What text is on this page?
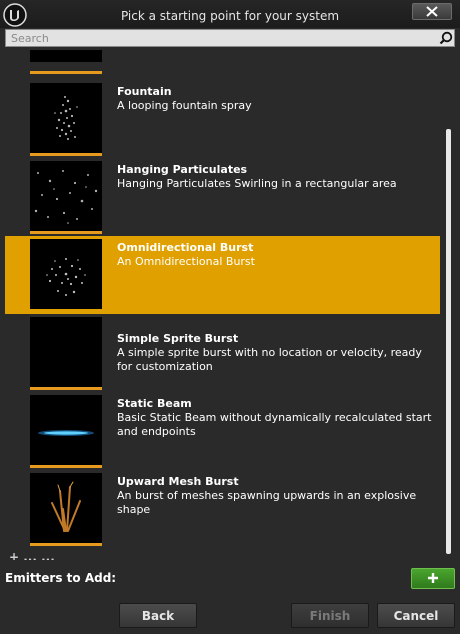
Pick a starting point for your system
Search
Fountain
A looping fountain spray
Hanging Particulates
Hanging Particulates Swirling in a rectangular area
Omnidirectional Burst
An Omnidirectional Burst
Simple Sprite Burst
A simple sprite burst with no location or velocity, ready for customization
Static Beam
Basic Static Beam without dynamically recalculated start and endpoints
Upward Mesh Burst
An burst of meshes spawning upwards in an explosive shape
+ ... ...
Emitters to Add:
Back	Finish	Cancel
